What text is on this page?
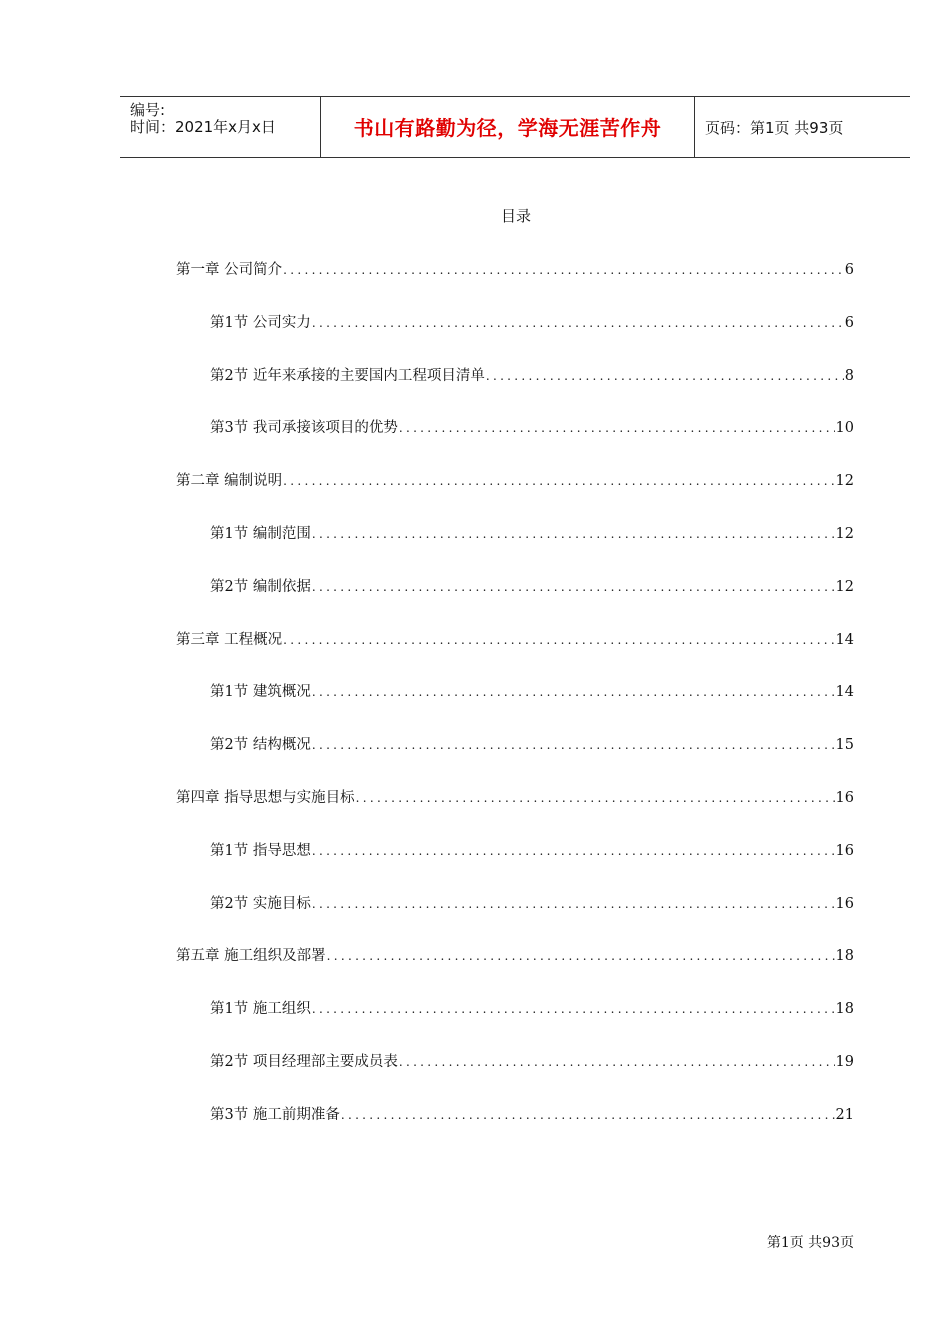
编号:
时间：2021年x月x日	书山有路勤为径，学海无涯苦作舟	页码：第1页 共93页
目录
第一章 公司简介 .....	6
第1节 公司实力 .....	6
第2节 近年来承接的主要国内工程项目清单 .....	8
第3节 我司承接该项目的优势 .....	10
第二章 编制说明 .....	12
第1节 编制范围 .....	12
第2节 编制依据 .....	12
第三章 工程概况 .....	14
第1节 建筑概况 .....	14
第2节 结构概况 .....	15
第四章 指导思想与实施目标 .....	16
第1节 指导思想 .....	16
第2节 实施目标 .....	16
第五章 施工组织及部署 .....	18
第1节 施工组织 .....	18
第2节 项目经理部主要成员表 .....	19
第3节 施工前期准备 .....	21
第1页 共93页
